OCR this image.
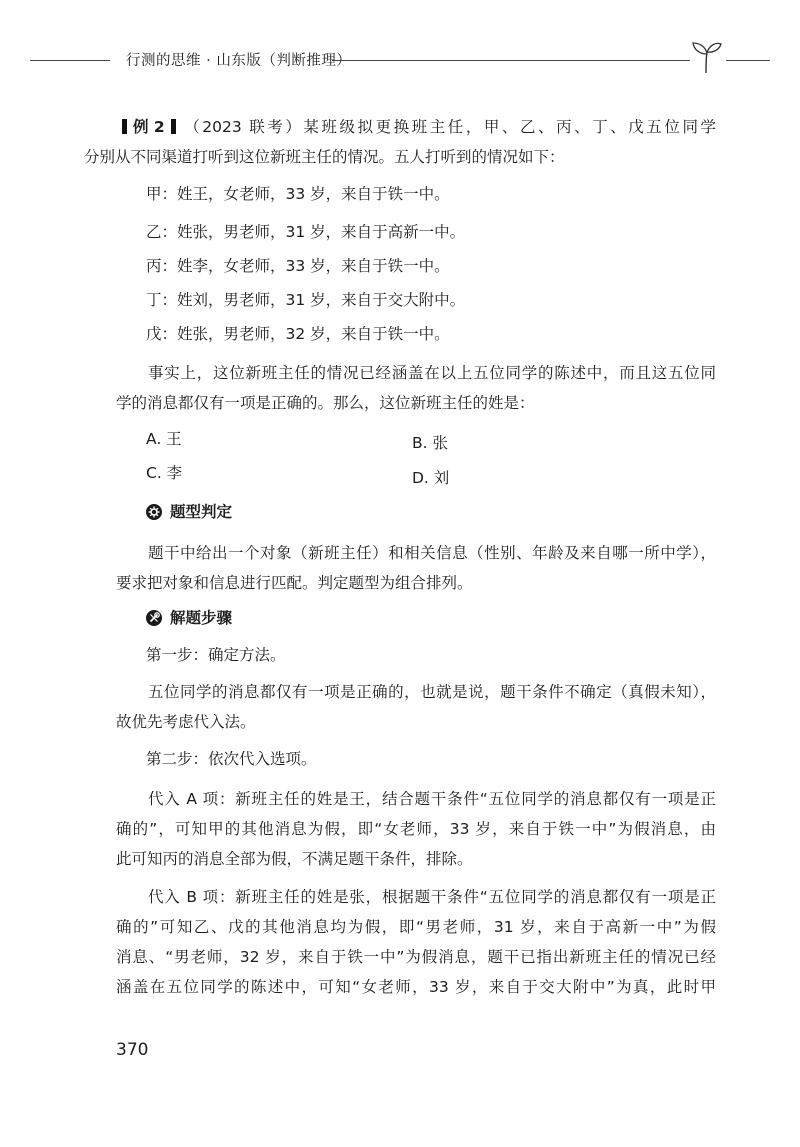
行测的思维 · 山东版（判断推理）

例 2 （2023 联考）某班级拟更换班主任，甲、乙、丙、丁、戊五位同学
分别从不同渠道打听到这位新班主任的情况。五人打听到的情况如下：

甲：姓王，女老师，33 岁，来自于铁一中。

乙：姓张，男老师，31 岁，来自于高新一中。

丙：姓李，女老师，33 岁，来自于铁一中。

丁：姓刘，男老师，31 岁，来自于交大附中。

戊：姓张，男老师，32 岁，来自于铁一中。

事实上，这位新班主任的情况已经涵盖在以上五位同学的陈述中，而且这五位同
学的消息都仅有一项是正确的。那么，这位新班主任的姓是：

A. 王	B. 张
C. 李	D. 刘
题型判定

题干中给出一个对象（新班主任）和相关信息（性别、年龄及来自哪一所中学），
要求把对象和信息进行匹配。判定题型为组合排列。

解题步骤

第一步：确定方法。

五位同学的消息都仅有一项是正确的，也就是说，题干条件不确定（真假未知），
故优先考虑代入法。

第二步：依次代入选项。

代入 A 项：新班主任的姓是王，结合题干条件“五位同学的消息都仅有一项是正
确的”，可知甲的其他消息为假，即“女老师，33 岁，来自于铁一中”为假消息，由
此可知丙的消息全部为假，不满足题干条件，排除。

代入 B 项：新班主任的姓是张，根据题干条件“五位同学的消息都仅有一项是正
确的”可知乙、戊的其他消息均为假，即“男老师，31 岁，来自于高新一中”为假
消息、“男老师，32 岁，来自于铁一中”为假消息，题干已指出新班主任的情况已经
涵盖在五位同学的陈述中，可知“女老师，33 岁，来自于交大附中”为真，此时甲

370
